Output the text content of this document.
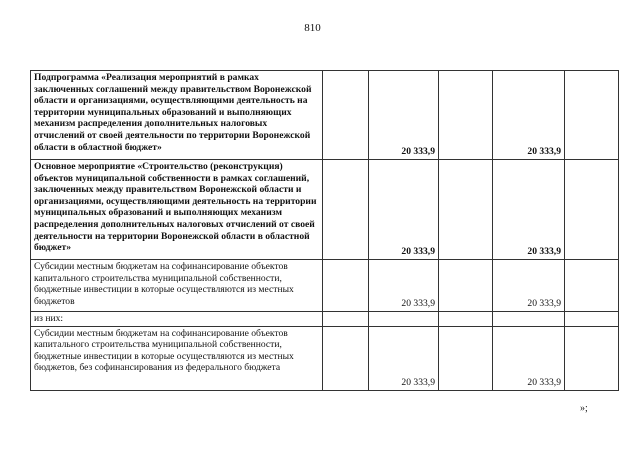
810
Подпрограмма «Реализация мероприятий в рамках заключенных соглашений между правительством Воронежской области и организациями, осуществляющими деятельность на территории муниципальных образований и выполняющих механизм распределения дополнительных налоговых отчислений от своей деятельности по территории Воронежской области в областной бюджет»		20 333,9		20 333,9	
Основное мероприятие «Строительство (реконструкция) объектов муниципальной собственности в рамках соглашений, заключенных между правительством Воронежской области и организациями, осуществляющими деятельность на территории муниципальных образований и выполняющих механизм распределения дополнительных налоговых отчислений от своей деятельности на территории Воронежской области в областной бюджет»		20 333,9		20 333,9	
Субсидии местным бюджетам на софинансирование объектов капитального строительства муниципальной собственности, бюджетные инвестиции в которые осуществляются из местных бюджетов		20 333,9		20 333,9	
из них:					
Субсидии местным бюджетам на софинансирование объектов капитального строительства муниципальной собственности, бюджетные инвестиции в которые осуществляются из местных бюджетов, без софинансирования из федерального бюджета		20 333,9		20 333,9	
»;
